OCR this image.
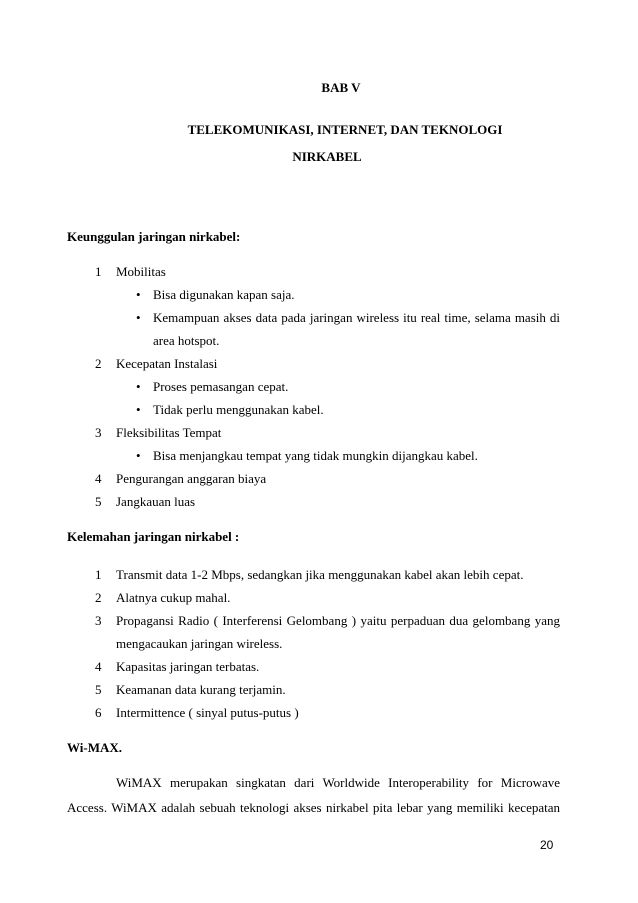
BAB V
TELEKOMUNIKASI, INTERNET, DAN TEKNOLOGI
NIRKABEL
Keunggulan jaringan nirkabel:
1 Mobilitas
• Bisa digunakan kapan saja.
• Kemampuan akses data pada jaringan wireless itu real time, selama masih di
area hotspot.
2 Kecepatan Instalasi
• Proses pemasangan cepat.
• Tidak perlu menggunakan kabel.
3 Fleksibilitas Tempat
• Bisa menjangkau tempat yang tidak mungkin dijangkau kabel.
4 Pengurangan anggaran biaya
5 Jangkauan luas
Kelemahan jaringan nirkabel :
1 Transmit data 1-2 Mbps, sedangkan jika menggunakan kabel akan lebih cepat.
2 Alatnya cukup mahal.
3 Propagansi Radio ( Interferensi Gelombang ) yaitu perpaduan dua gelombang yang
mengacaukan jaringan wireless.
4 Kapasitas jaringan terbatas.
5 Keamanan data kurang terjamin.
6 Intermittence ( sinyal putus-putus )
Wi-MAX.
WiMAX merupakan singkatan dari Worldwide Interoperability for Microwave
Access. WiMAX adalah sebuah teknologi akses nirkabel pita lebar yang memiliki kecepatan
20
